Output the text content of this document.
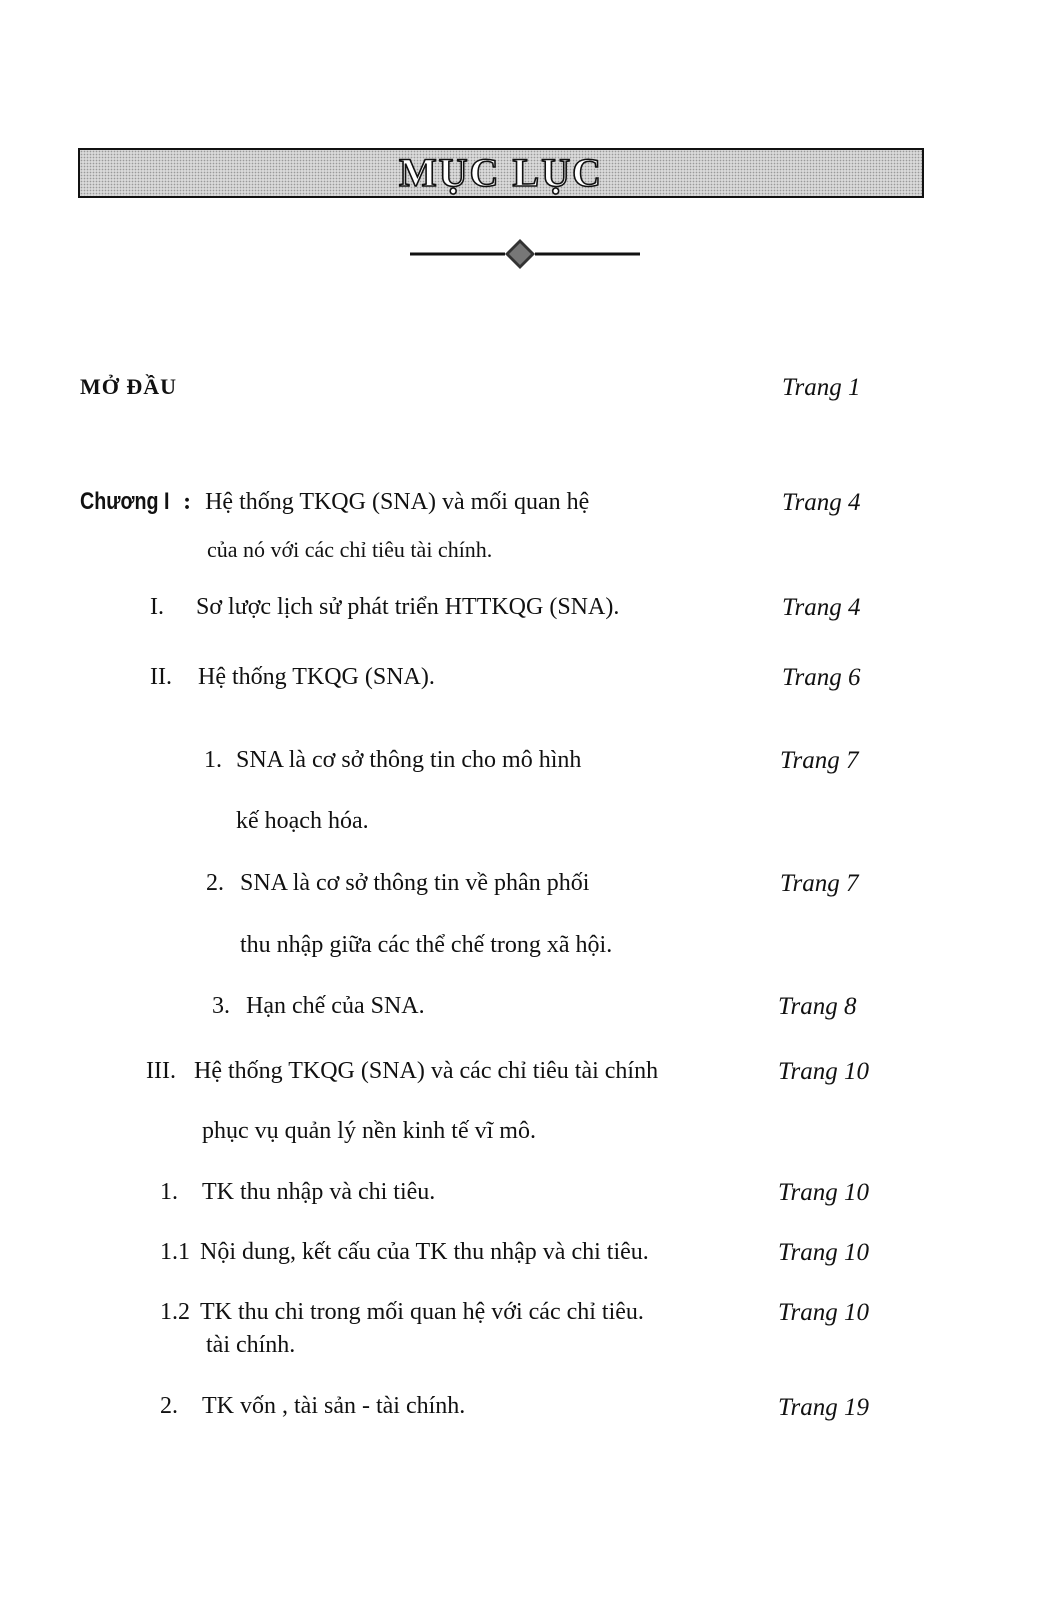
MỤC LỤC
MỞ ĐẦU	Trang 1
Chương I : Hệ thống TKQG (SNA) và mối quan hệ	Trang 4
của nó với các chỉ tiêu tài chính.
I. Sơ lược lịch sử phát triển HTTKQG (SNA).	Trang 4
II. Hệ thống TKQG (SNA).	Trang 6
1. SNA là cơ sở thông tin cho mô hình	Trang 7
kế hoạch hóa.
2. SNA là cơ sở thông tin về phân phối	Trang 7
thu nhập giữa các thể chế trong xã hội.
3. Hạn chế của SNA.	Trang 8
III. Hệ thống TKQG (SNA) và các chỉ tiêu tài chính	Trang 10
phục vụ quản lý nền kinh tế vĩ mô.
1. TK thu nhập và chi tiêu.	Trang 10
1.1 Nội dung, kết cấu của TK thu nhập và chi tiêu.	Trang 10
1.2 TK thu chi trong mối quan hệ với các chỉ tiêu.	Trang 10
tài chính.
2. TK vốn , tài sản - tài chính.	Trang 19
